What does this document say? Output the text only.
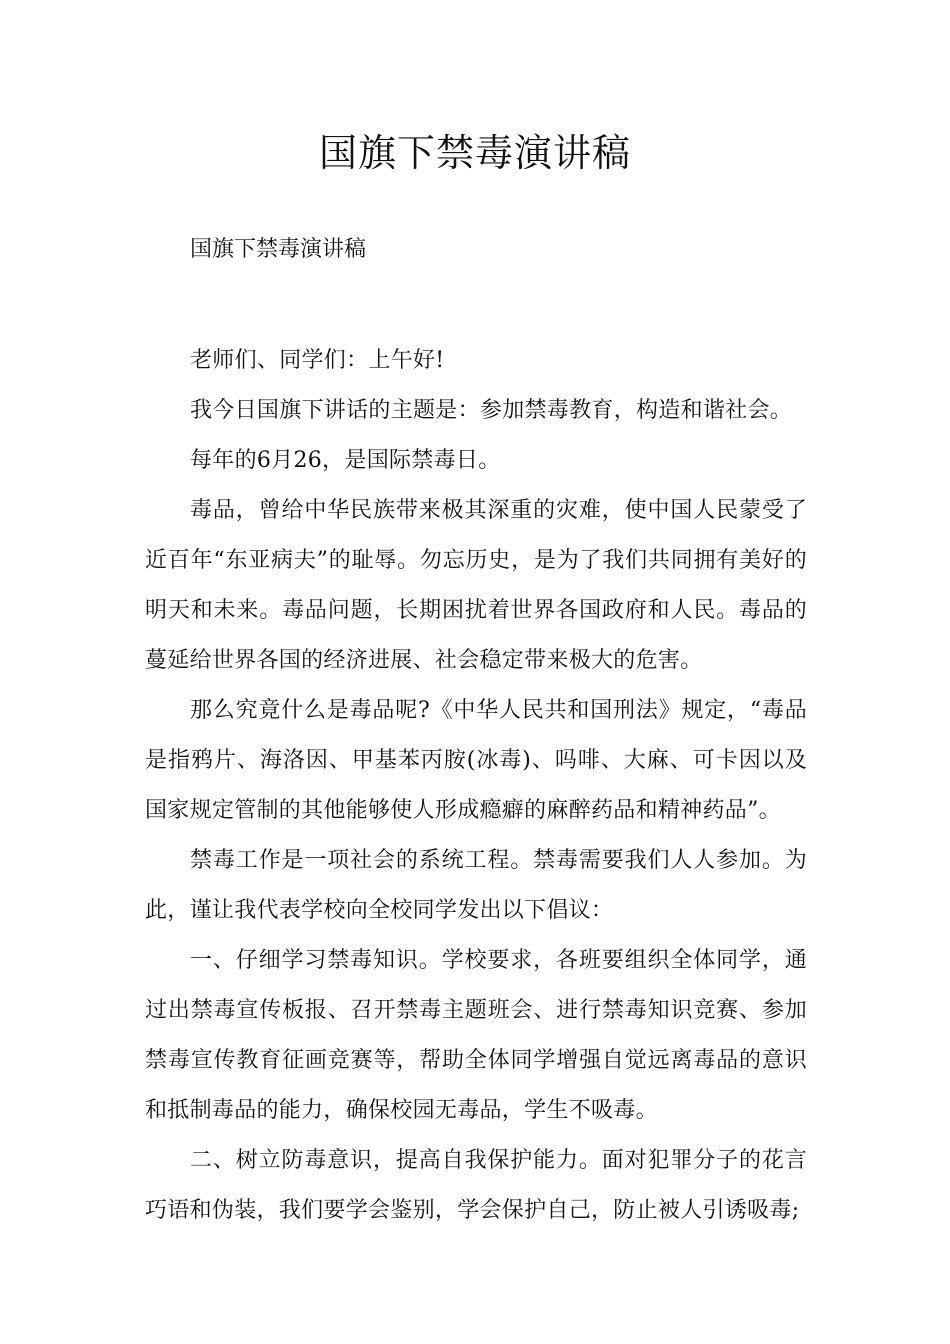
国旗下禁毒演讲稿

国旗下禁毒演讲稿

老师们、同学们：上午好!

我今日国旗下讲话的主题是：参加禁毒教育，构造和谐社会。

每年的6月26，是国际禁毒日。

毒品，曾给中华民族带来极其深重的灾难，使中国人民蒙受了近百年“东亚病夫”的耻辱。勿忘历史，是为了我们共同拥有美好的明天和未来。毒品问题，长期困扰着世界各国政府和人民。毒品的蔓延给世界各国的经济进展、社会稳定带来极大的危害。

那么究竟什么是毒品呢?《中华人民共和国刑法》规定，“毒品是指鸦片、海洛因、甲基苯丙胺(冰毒)、吗啡、大麻、可卡因以及国家规定管制的其他能够使人形成瘾癖的麻醉药品和精神药品”。

禁毒工作是一项社会的系统工程。禁毒需要我们人人参加。为此，谨让我代表学校向全校同学发出以下倡议：

一、仔细学习禁毒知识。学校要求，各班要组织全体同学，通过出禁毒宣传板报、召开禁毒主题班会、进行禁毒知识竞赛、参加禁毒宣传教育征画竞赛等，帮助全体同学增强自觉远离毒品的意识和抵制毒品的能力，确保校园无毒品，学生不吸毒。

二、树立防毒意识，提高自我保护能力。面对犯罪分子的花言巧语和伪装，我们要学会鉴别，学会保护自己，防止被人引诱吸毒;
